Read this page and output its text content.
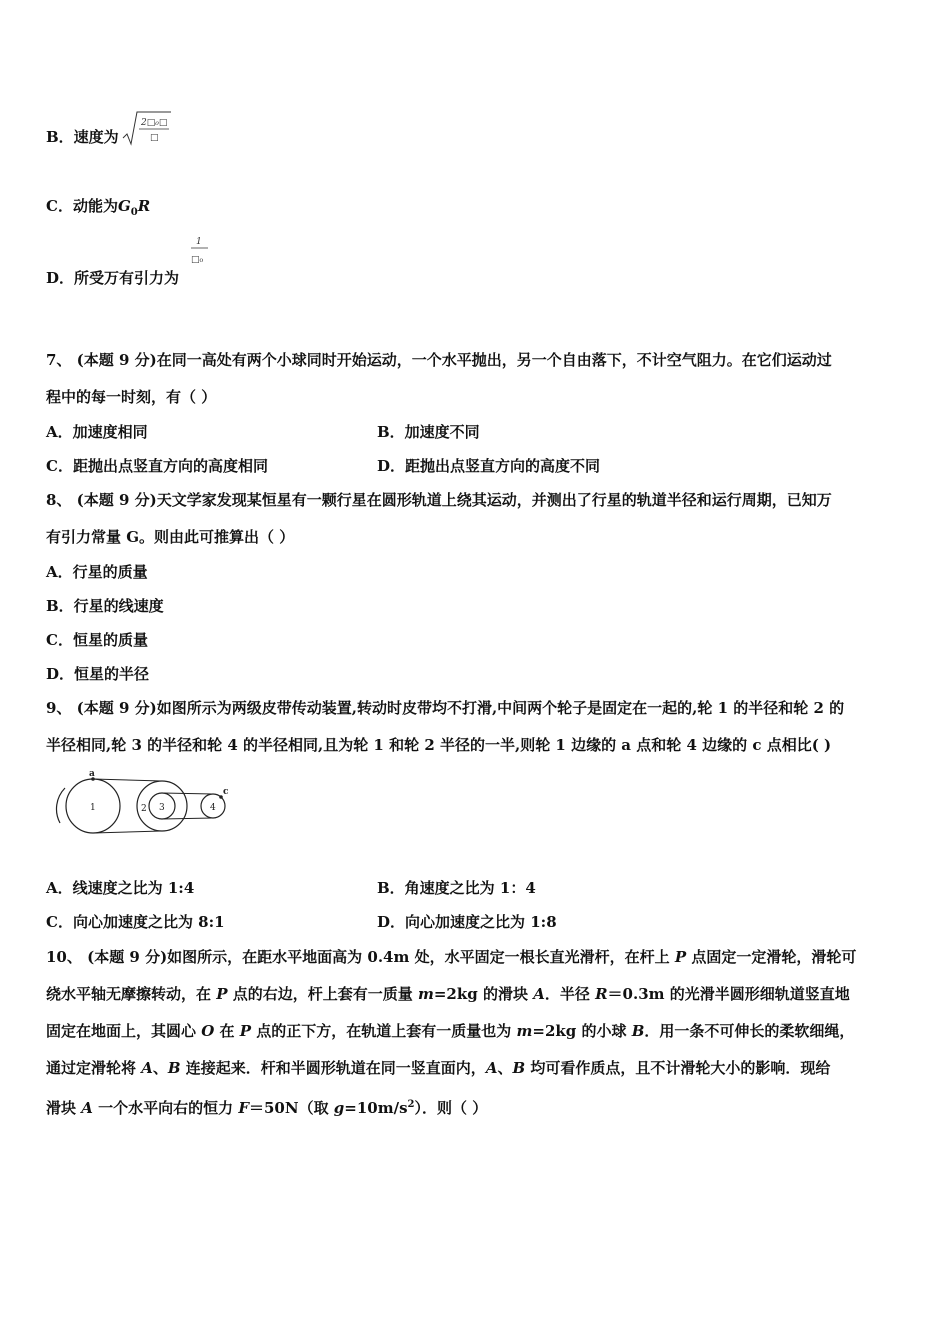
B．速度为
2□₀□
□
C．动能为$G_0R$
D．所受万有引力为
1
□₀
7、 (本题 9 分)在同一高处有两个小球同时开始运动，一个水平抛出，另一个自由落下，不计空气阻力。在它们运动过
程中的每一时刻，有（ ）
A．加速度相同	B．加速度不同
C．距抛出点竖直方向的高度相同	D．距抛出点竖直方向的高度不同
8、 (本题 9 分)天文学家发现某恒星有一颗行星在圆形轨道上绕其运动，并测出了行星的轨道半径和运行周期，已知万
有引力常量 G。则由此可推算出（ ）
A．行星的质量
B．行星的线速度
C．恒星的质量
D．恒星的半径
9、 (本题 9 分)如图所示为两级皮带传动装置,转动时皮带均不打滑,中间两个轮子是固定在一起的,轮 1 的半径和轮 2 的
半径相同,轮 3 的半径和轮 4 的半径相同,且为轮 1 和轮 2 半径的一半,则轮 1 边缘的 a 点和轮 4 边缘的 c 点相比( )
a
1	2 3	4
c
A．线速度之比为 1:4	B．角速度之比为 1：4
C．向心加速度之比为 8:1	D．向心加速度之比为 1:8
10、 (本题 9 分)如图所示，在距水平地面高为 0.4m 处，水平固定一根长直光滑杆，在杆上 P 点固定一定滑轮，滑轮可
绕水平轴无摩擦转动，在 P 点的右边，杆上套有一质量 m=2kg 的滑块 A．半径 R＝0.3m 的光滑半圆形细轨道竖直地
固定在地面上，其圆心 O 在 P 点的正下方，在轨道上套有一质量也为 m=2kg 的小球 B．用一条不可伸长的柔软细绳，
通过定滑轮将 A、B 连接起来．杆和半圆形轨道在同一竖直面内，A、B 均可看作质点，且不计滑轮大小的影响．现给
滑块 A 一个水平向右的恒力 F＝50N（取 $g=10m/s^2$）．则（ ）
